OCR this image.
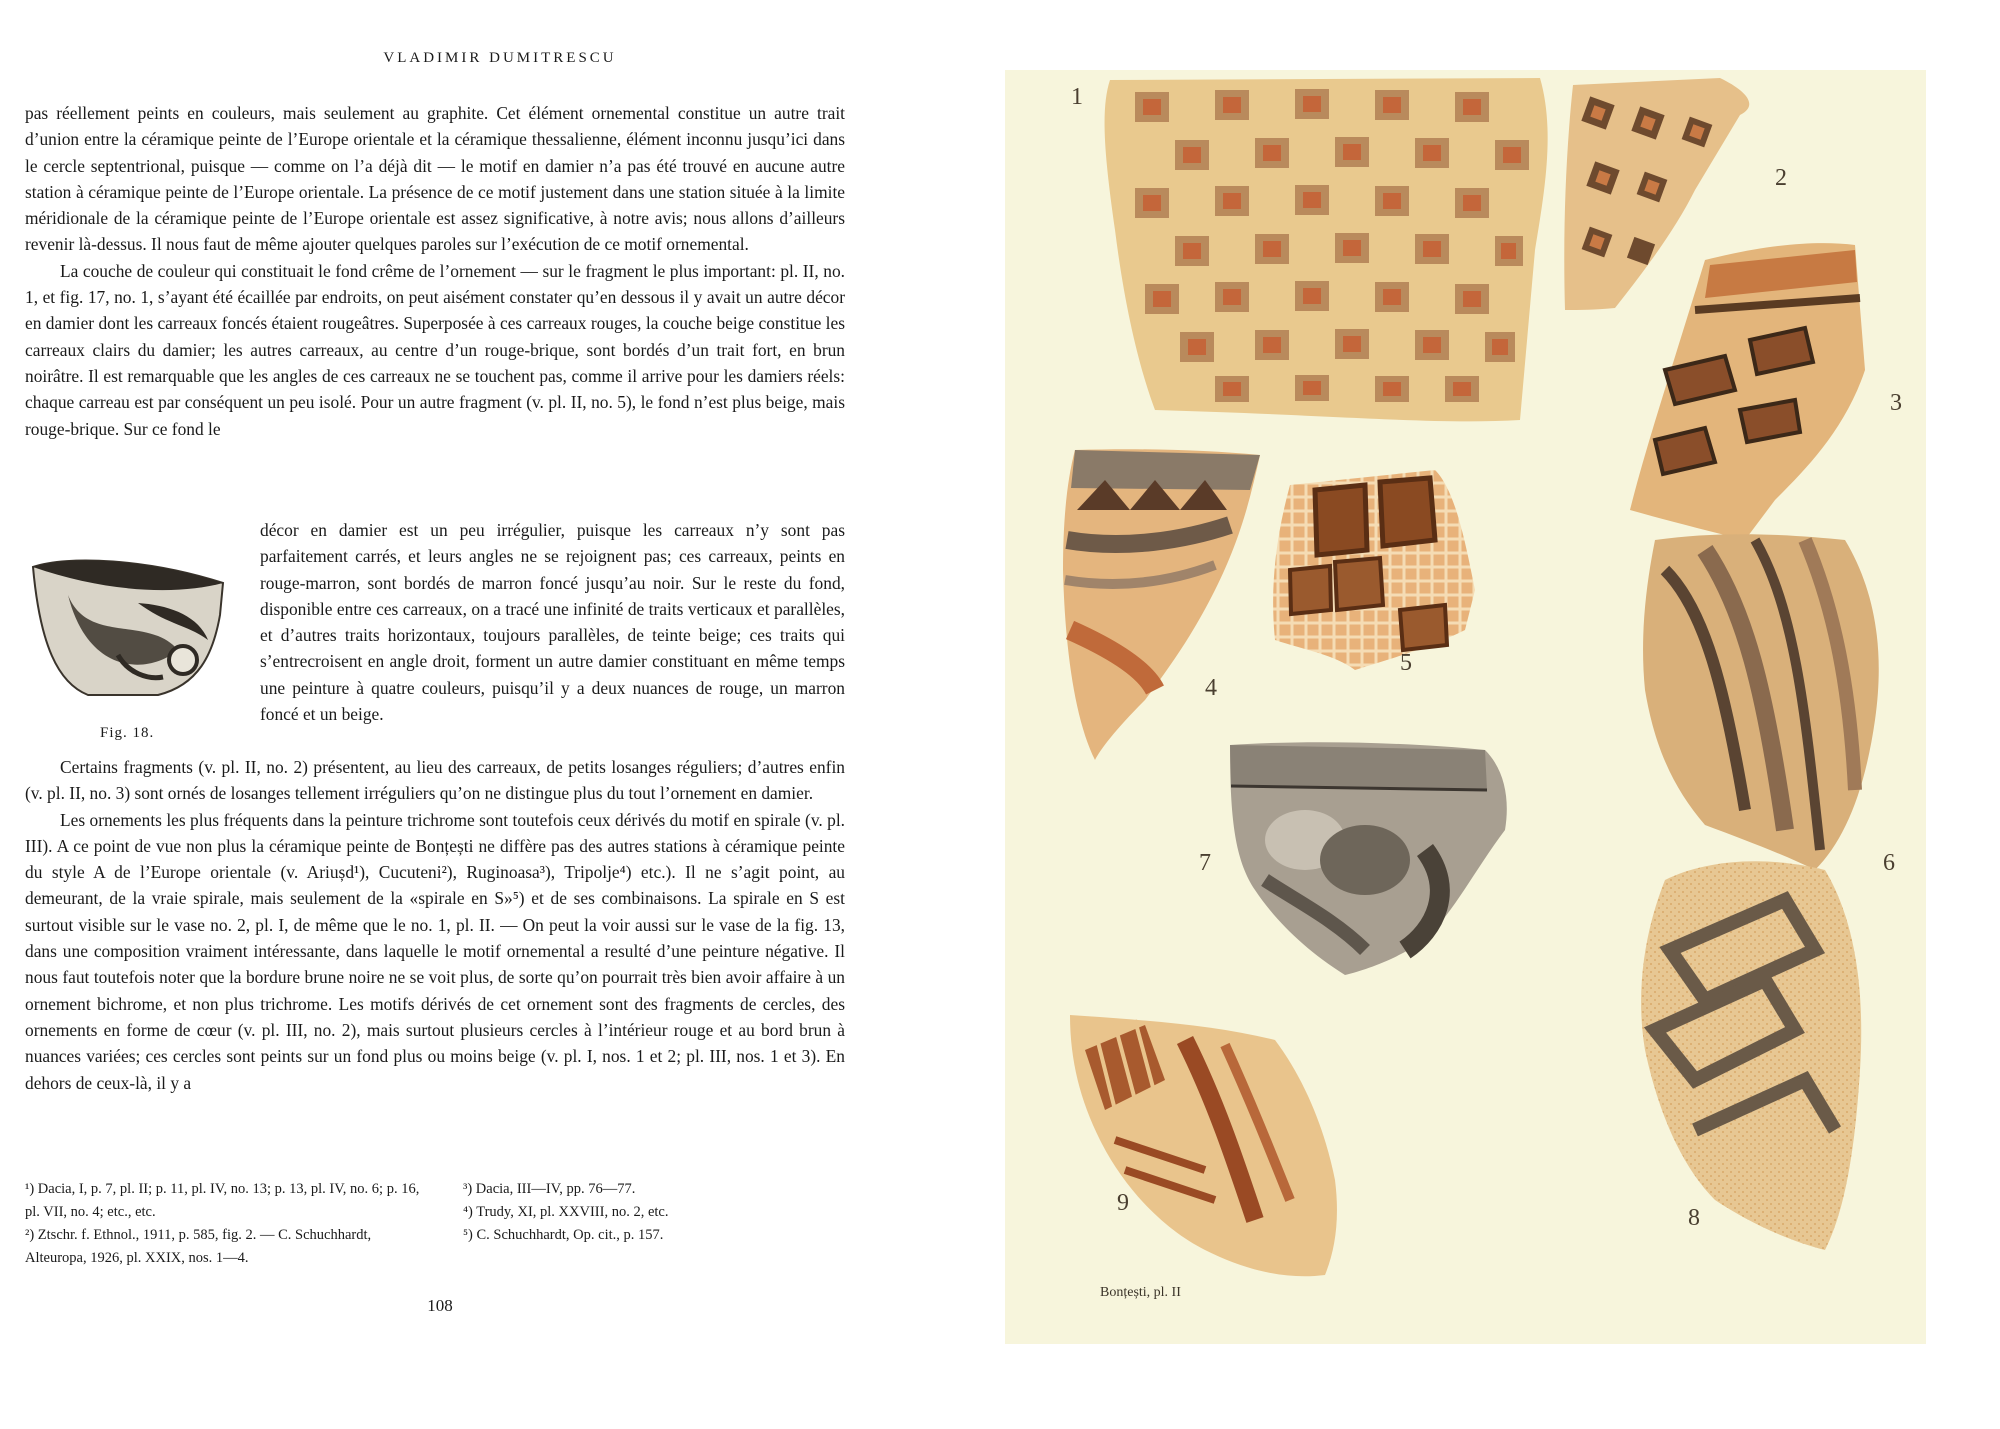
VLADIMIR DUMITRESCU

pas réellement peints en couleurs, mais seulement au graphite. Cet élément ornemental constitue un autre trait d’union entre la céramique peinte de l’Europe orientale et la céramique thessalienne, élément inconnu jusqu’ici dans le cercle septentrional, puisque — comme on l’a déjà dit — le motif en damier n’a pas été trouvé en aucune autre station à céramique peinte de l’Europe orientale. La présence de ce motif justement dans une station située à la limite méridionale de la céramique peinte de l’Europe orientale est assez significative, à notre avis; nous allons d’ailleurs revenir là-dessus. Il nous faut de même ajouter quelques paroles sur l’exécution de ce motif ornemental.

La couche de couleur qui constituait le fond crême de l’ornement — sur le fragment le plus important: pl. II, no. 1, et fig. 17, no. 1, s’ayant été écaillée par endroits, on peut aisément constater qu’en dessous il y avait un autre décor en damier dont les carreaux foncés étaient rougeâtres. Superposée à ces carreaux rouges, la couche beige constitue les carreaux clairs du damier; les autres carreaux, au centre d’un rouge-brique, sont bordés d’un trait fort, en brun noirâtre. Il est remarquable que les angles de ces carreaux ne se touchent pas, comme il arrive pour les damiers réels: chaque carreau est par conséquent un peu isolé. Pour un autre fragment (v. pl. II, no. 5), le fond n’est plus beige, mais rouge-brique. Sur ce fond le

décor en damier est un peu irrégulier, puisque les carreaux n’y sont pas parfaitement carrés, et leurs angles ne se rejoignent pas; ces carreaux, peints en rouge-marron, sont bordés de marron foncé jusqu’au noir. Sur le reste du fond, disponible entre ces carreaux, on a tracé une infinité de traits verticaux et parallèles, et d’autres traits horizontaux, toujours parallèles, de teinte beige; ces traits qui s’entrecroisent en angle droit, forment un autre damier constituant en même temps une peinture à quatre couleurs, puisqu’il y a deux nuances de rouge, un marron foncé et un beige.

Fig. 18.

Certains fragments (v. pl. II, no. 2) présentent, au lieu des carreaux, de petits losanges réguliers; d’autres enfin (v. pl. II, no. 3) sont ornés de losanges tellement irréguliers qu’on ne distingue plus du tout l’ornement en damier.

Les ornements les plus fréquents dans la peinture trichrome sont toutefois ceux dérivés du motif en spirale (v. pl. III). A ce point de vue non plus la céramique peinte de Bonțești ne diffère pas des autres stations à céramique peinte du style A de l’Europe orientale (v. Ariușd¹), Cucuteni²), Ruginoasa³), Tripolje⁴) etc.). Il ne s’agit point, au demeurant, de la vraie spirale, mais seulement de la «spirale en S»⁵) et de ses combinaisons. La spirale en S est surtout visible sur le vase no. 2, pl. I, de même que le no. 1, pl. II. — On peut la voir aussi sur le vase de la fig. 13, dans une composition vraiment intéressante, dans laquelle le motif ornemental a resulté d’une peinture négative. Il nous faut toutefois noter que la bordure brune noire ne se voit plus, de sorte qu’on pourrait très bien avoir affaire à un ornement bichrome, et non plus trichrome. Les motifs dérivés de cet ornement sont des fragments de cercles, des ornements en forme de cœur (v. pl. III, no. 2), mais surtout plusieurs cercles à l’intérieur rouge et au bord brun à nuances variées; ces cercles sont peints sur un fond plus ou moins beige (v. pl. I, nos. 1 et 2; pl. III, nos. 1 et 3). En dehors de ceux-là, il y a

¹) Dacia, I, p. 7, pl. II; p. 11, pl. IV, no. 13; p. 13, pl. IV, no. 6; p. 16, pl. VII, no. 4; etc., etc.

²) Ztschr. f. Ethnol., 1911, p. 585, fig. 2. — C. Schuchhardt, Alteuropa, 1926, pl. XXIX, nos. 1—4.

³) Dacia, III—IV, pp. 76—77.

⁴) Trudy, XI, pl. XXVIII, no. 2, etc.

⁵) C. Schuchhardt, Op. cit., p. 157.

108
1
2
3
4
5
6
7
8
9
Bonțești, pl. II
